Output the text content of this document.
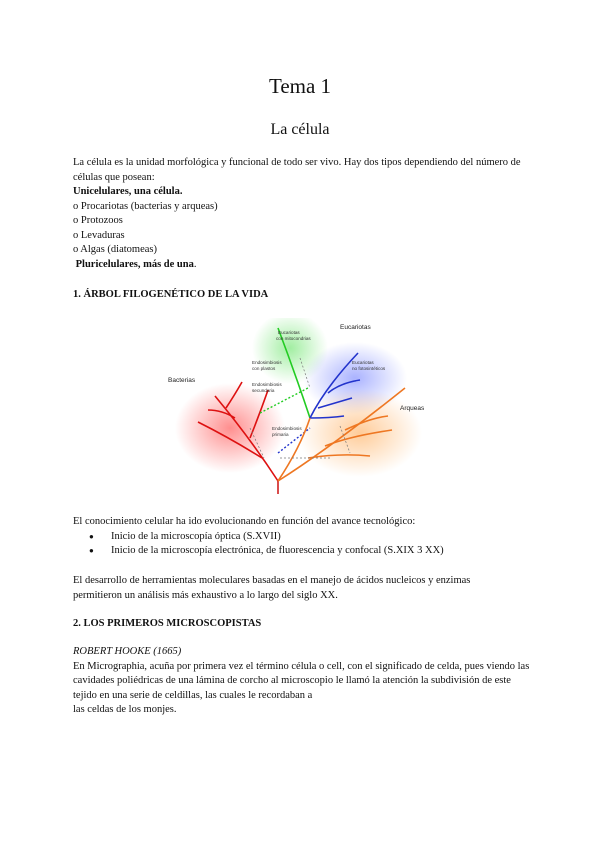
Tema 1
La célula

La célula es la unidad morfológica y funcional de todo ser vivo. Hay dos tipos dependiendo del número de células que posean:

Unicelulares, una célula.

o Procariotas (bacterias y arqueas)

o Protozoos

o Levaduras

o Algas (diatomeas)

Pluricelulares, más de una.

1. ÁRBOL FILOGENÉTICO DE LA VIDA

Bacterias
Eucariotas
Arqueas
Eucariotas
con mitocondrias
Endosimbiosis
con plastos
Endosimbiosis
secundaria
Eucariotas
no fotosintéticos
Endosimbiosis
primaria

El conocimiento celular ha ido evolucionando en función del avance tecnológico:

● Inicio de la microscopía óptica (S.XVII)
● Inicio de la microscopía electrónica, de fluorescencia y confocal (S.XIX 3 XX)

El desarrollo de herramientas moleculares basadas en el manejo de ácidos nucleicos y enzimas permitieron un análisis más exhaustivo a lo largo del siglo XX.

2. LOS PRIMEROS MICROSCOPISTAS

ROBERT HOOKE (1665)

En Micrographia, acuña por primera vez el término célula o cell, con el significado de celda, pues viendo las cavidades poliédricas de una lámina de corcho al microscopio le llamó la atención la subdivisión de este tejido en una serie de celdillas, las cuales le recordaban a

las celdas de los monjes.
